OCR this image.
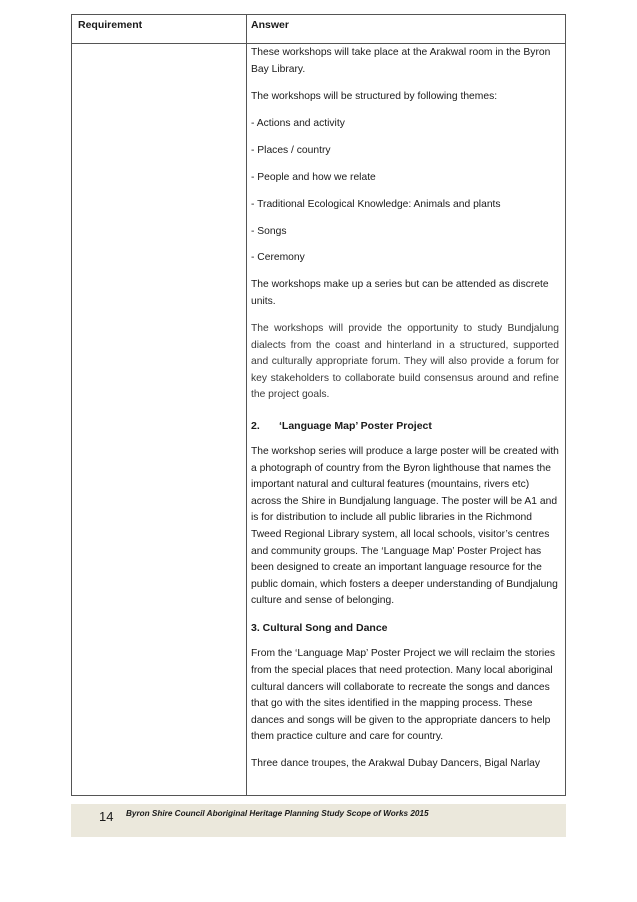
Requirement	Answer

These workshops will take place at the Arakwal room in the Byron Bay Library.

The workshops will be structured by following themes:

- Actions and activity

- Places / country

- People and how we relate

- Traditional Ecological Knowledge: Animals and plants

- Songs

- Ceremony

The workshops make up a series but can be attended as discrete units.

The workshops will provide the opportunity to study Bundjalung dialects from the coast and hinterland in a structured, supported and culturally appropriate forum. They will also provide a forum for key stakeholders to collaborate build consensus around and refine the project goals.

2. ‘Language Map’ Poster Project

The workshop series will produce a large poster will be created with a photograph of country from the Byron lighthouse that names the important natural and cultural features (mountains, rivers etc) across the Shire in Bundjalung language. The poster will be A1 and is for distribution to include all public libraries in the Richmond Tweed Regional Library system, all local schools, visitor’s centres and community groups. The ‘Language Map’ Poster Project has been designed to create an important language resource for the public domain, which fosters a deeper understanding of Bundjalung culture and sense of belonging.

3. Cultural Song and Dance

From the ‘Language Map’ Poster Project we will reclaim the stories from the special places that need protection. Many local aboriginal cultural dancers will collaborate to recreate the songs and dances that go with the sites identified in the mapping process. These dances and songs will be given to the appropriate dancers to help them practice culture and care for country.

Three dance troupes, the Arakwal Dubay Dancers, Bigal Narlay

14 Byron Shire Council Aboriginal Heritage Planning Study Scope of Works 2015
